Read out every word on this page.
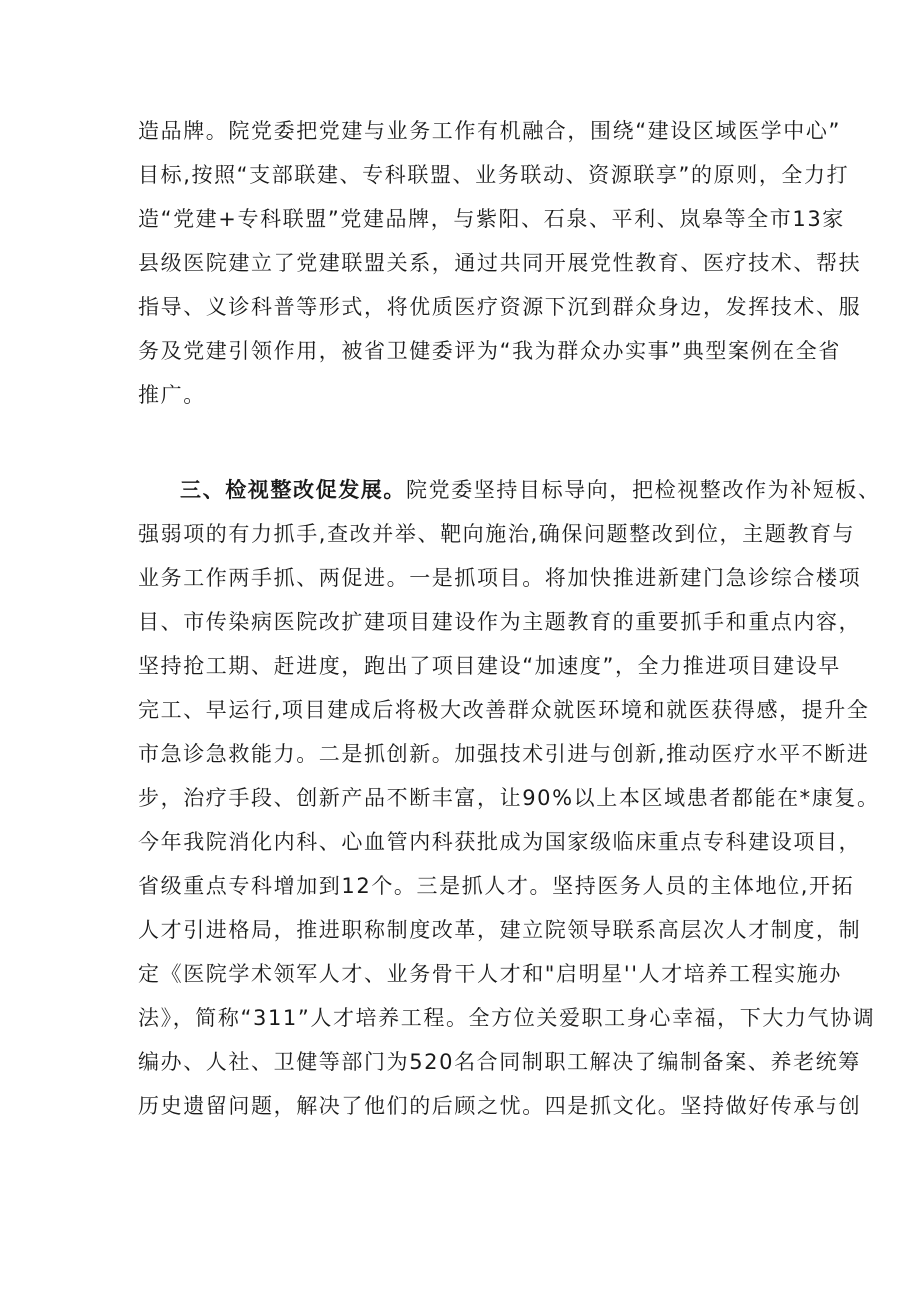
造品牌。院党委把党建与业务工作有机融合，围绕“建设区域医学中心”
目标,按照“支部联建、专科联盟、业务联动、资源联享”的原则，全力打
造“党建+专科联盟”党建品牌，与紫阳、石泉、平利、岚皋等全市13家
县级医院建立了党建联盟关系，通过共同开展党性教育、医疗技术、帮扶
指导、义诊科普等形式，将优质医疗资源下沉到群众身边，发挥技术、服
务及党建引领作用，被省卫健委评为“我为群众办实事”典型案例在全省
推广。
三、检视整改促发展。院党委坚持目标导向，把检视整改作为补短板、
强弱项的有力抓手,查改并举、靶向施治,确保问题整改到位，主题教育与
业务工作两手抓、两促进。一是抓项目。将加快推进新建门急诊综合楼项
目、市传染病医院改扩建项目建设作为主题教育的重要抓手和重点内容，
坚持抢工期、赶进度，跑出了项目建设“加速度”，全力推进项目建设早
完工、早运行,项目建成后将极大改善群众就医环境和就医获得感，提升全
市急诊急救能力。二是抓创新。加强技术引进与创新,推动医疗水平不断进
步，治疗手段、创新产品不断丰富，让90%以上本区域患者都能在*康复。
今年我院消化内科、心血管内科获批成为国家级临床重点专科建设项目，
省级重点专科增加到12个。三是抓人才。坚持医务人员的主体地位,开拓
人才引进格局，推进职称制度改革，建立院领导联系高层次人才制度，制
定《医院学术领军人才、业务骨干人才和"启明星''人才培养工程实施办
法》，简称“311”人才培养工程。全方位关爱职工身心幸福，下大力气协调
编办、人社、卫健等部门为520名合同制职工解决了编制备案、养老统筹
历史遗留问题，解决了他们的后顾之忧。四是抓文化。坚持做好传承与创
